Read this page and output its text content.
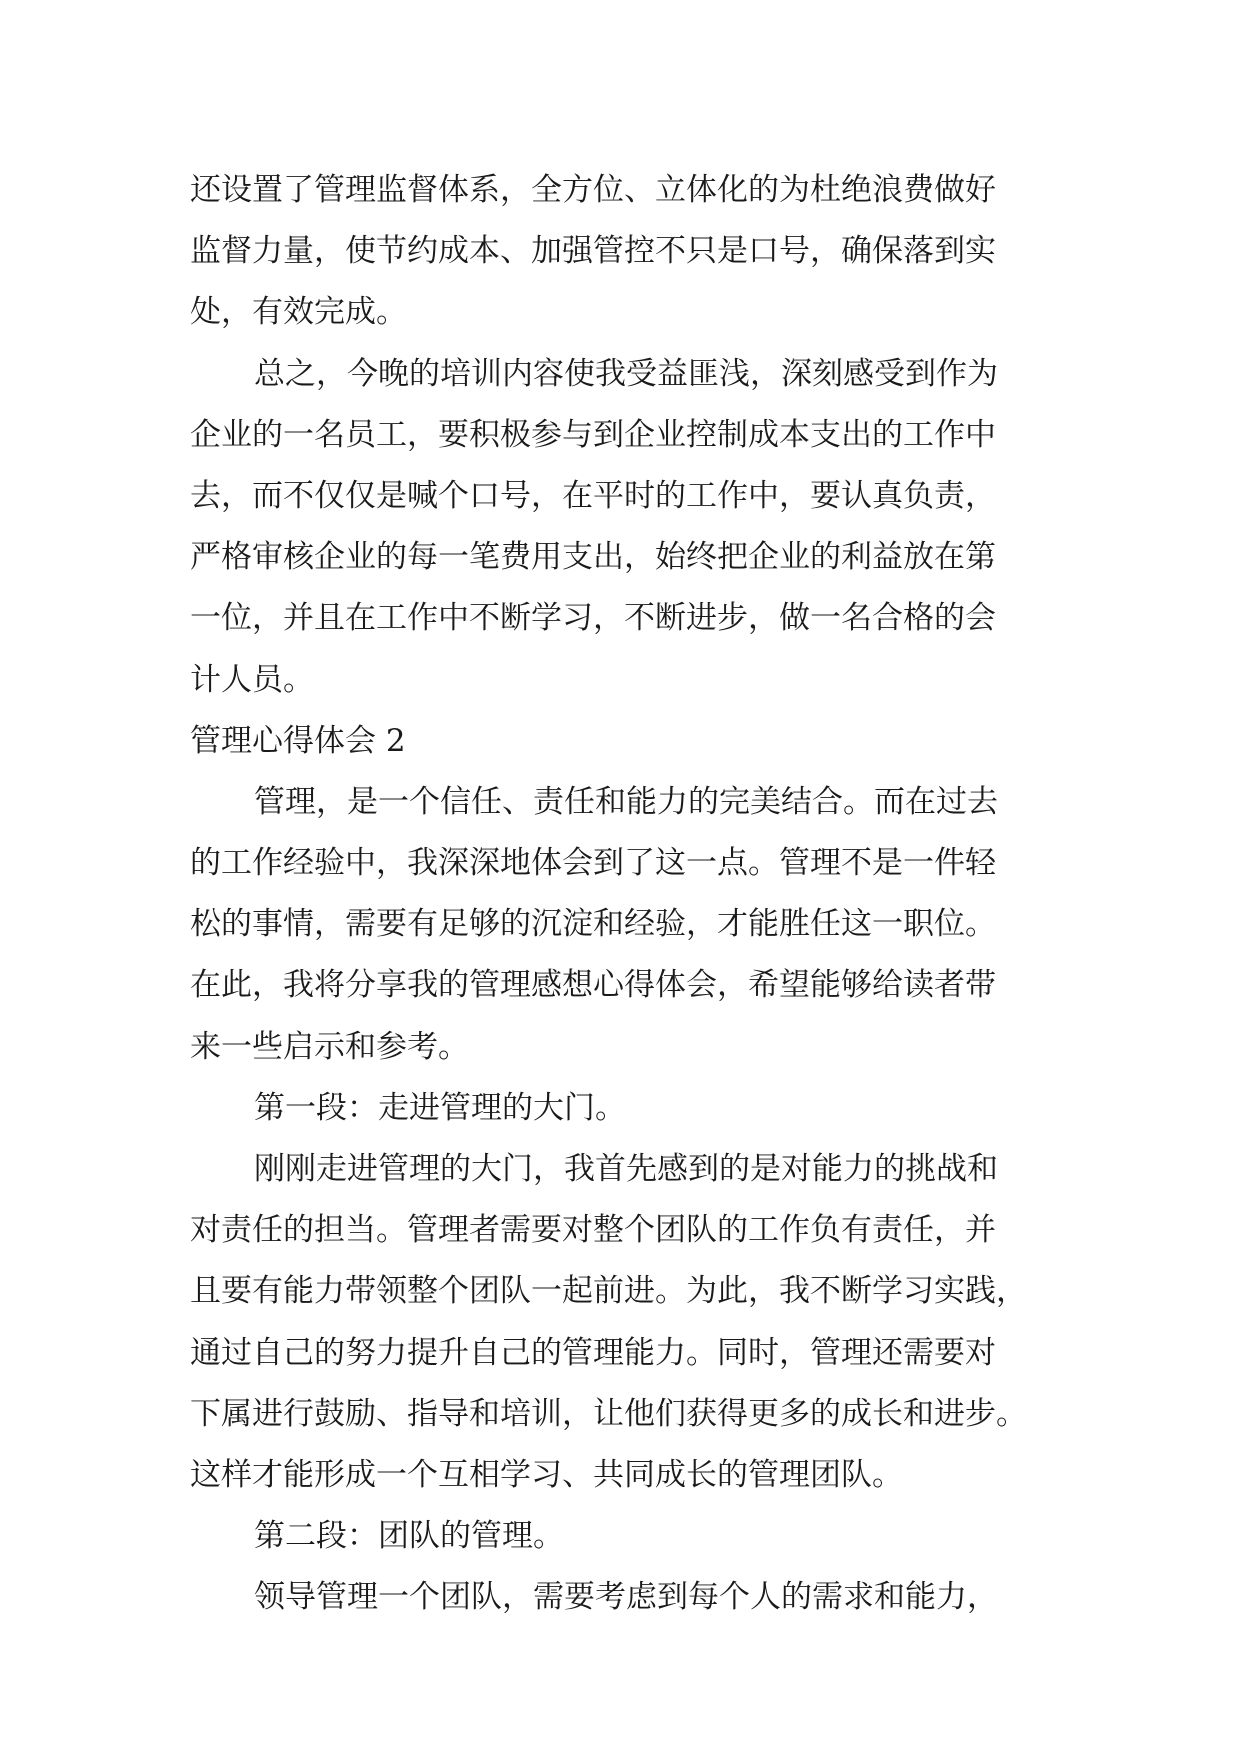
还设置了管理监督体系，全方位、立体化的为杜绝浪费做好
监督力量，使节约成本、加强管控不只是口号，确保落到实
处，有效完成。
总之，今晚的培训内容使我受益匪浅，深刻感受到作为
企业的一名员工，要积极参与到企业控制成本支出的工作中
去，而不仅仅是喊个口号，在平时的工作中，要认真负责，
严格审核企业的每一笔费用支出，始终把企业的利益放在第
一位，并且在工作中不断学习，不断进步，做一名合格的会
计人员。
管理心得体会 2
管理，是一个信任、责任和能力的完美结合。而在过去
的工作经验中，我深深地体会到了这一点。管理不是一件轻
松的事情，需要有足够的沉淀和经验，才能胜任这一职位。
在此，我将分享我的管理感想心得体会，希望能够给读者带
来一些启示和参考。
第一段：走进管理的大门。
刚刚走进管理的大门，我首先感到的是对能力的挑战和
对责任的担当。管理者需要对整个团队的工作负有责任，并
且要有能力带领整个团队一起前进。为此，我不断学习实践，
通过自己的努力提升自己的管理能力。同时，管理还需要对
下属进行鼓励、指导和培训，让他们获得更多的成长和进步。
这样才能形成一个互相学习、共同成长的管理团队。
第二段：团队的管理。
领导管理一个团队，需要考虑到每个人的需求和能力，
